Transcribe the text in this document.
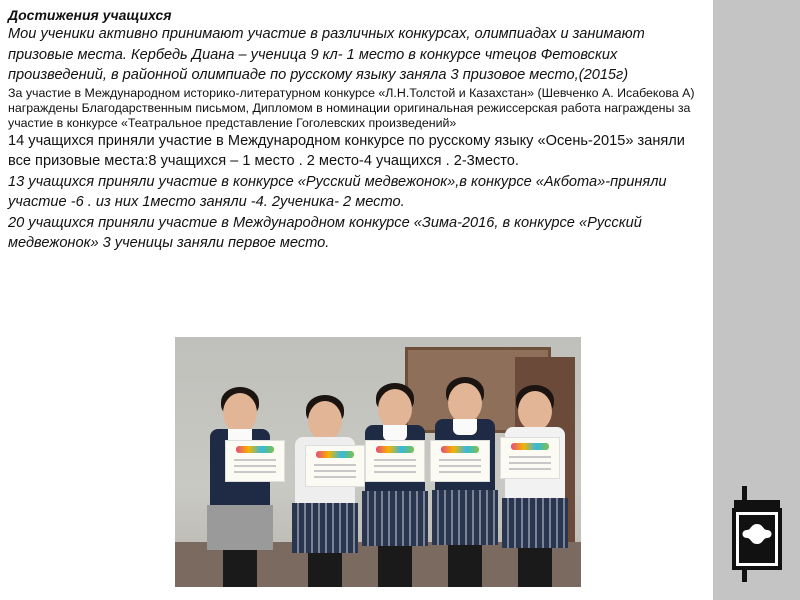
Достижения учащихся

Мои ученики активно принимают участие в различных конкурсах, олимпиадах и занимают призовые места. Кербедь Диана – ученица 9 кл- 1 место в конкурсе чтецов Фетовских произведений, в районной олимпиаде по русскому языку заняла 3 призовое место,(2015г)

За участие в Международном историко-литературном конкурсе «Л.Н.Толстой и Казахстан» (Шевченко А. Исабекова А) награждены Благодарственным письмом, Дипломом в номинации оригинальная режиссерская работа награждены за участие в конкурсе «Театральное представление Гоголевских произведений»

14 учащихся приняли участие в Международном конкурсе по русскому языку «Осень-2015» заняли все призовые места:8 учащихся – 1 место . 2 место-4 учащихся . 2-3место.

13 учащихся приняли участие в конкурсе «Русский медвежонок»,в конкурсе «Акбота»-приняли участие -6 . из них 1место заняли -4. 2ученика- 2 место.

20 учащихся приняли участие в Международном конкурсе «Зима-2016, в конкурсе «Русский медвежонок» 3 ученицы заняли первое место.
